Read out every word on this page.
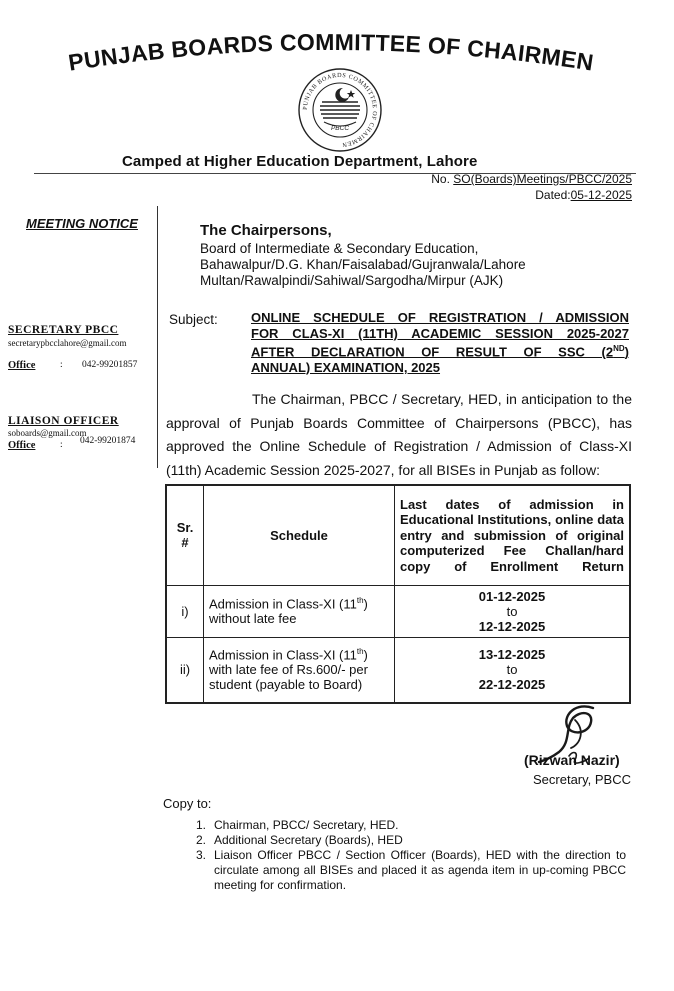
PUNJAB BOARDS COMMITTEE OF CHAIRMEN
PUNJAB BOARDS COMMITTEE OF CHAIRMEN
PBCC
Camped at Higher Education Department, Lahore
No. SO(Boards)Meetings/PBCC/2025
Dated:05-12-2025
MEETING NOTICE
SECRETARY PBCC
secretarypbcclahore@gmail.com
Office	: 042-99201857
LIAISON OFFICER
soboards@gmail.com
Office	: 042-99201874
The Chairpersons,
Board of Intermediate & Secondary Education,
Bahawalpur/D.G. Khan/Faisalabad/Gujranwala/Lahore
Multan/Rawalpindi/Sahiwal/Sargodha/Mirpur (AJK)
Subject:	ONLINE SCHEDULE OF REGISTRATION / ADMISSION
FOR CLAS-XI (11TH) ACADEMIC SESSION 2025-2027
AFTER DECLARATION OF RESULT OF SSC (2ND)
ANNUAL) EXAMINATION, 2025
The Chairman, PBCC / Secretary, HED, in anticipation to the approval of Punjab Boards Committee of Chairpersons (PBCC), has approved the Online Schedule of Registration / Admission of Class-XI (11th) Academic Session 2025-2027, for all BISEs in Punjab as follow:
Sr. #	Schedule	Last dates of admission in Educational Institutions, online data entry and submission of original computerized Fee Challan/hard copy of Enrollment Return
i)	Admission in Class-XI (11th) without late fee	01-12-2025
to
12-12-2025

ii)	Admission in Class-XI (11th) with late fee of Rs.600/- per student (payable to Board)	13-12-2025
to
22-12-2025
(Rizwan Nazir)
Secretary, PBCC
Copy to:
1. Chairman, PBCC/ Secretary, HED.
2. Additional Secretary (Boards), HED
3. Liaison Officer PBCC / Section Officer (Boards), HED with the direction to circulate among all BISEs and placed it as agenda item in up-coming PBCC meeting for confirmation.
